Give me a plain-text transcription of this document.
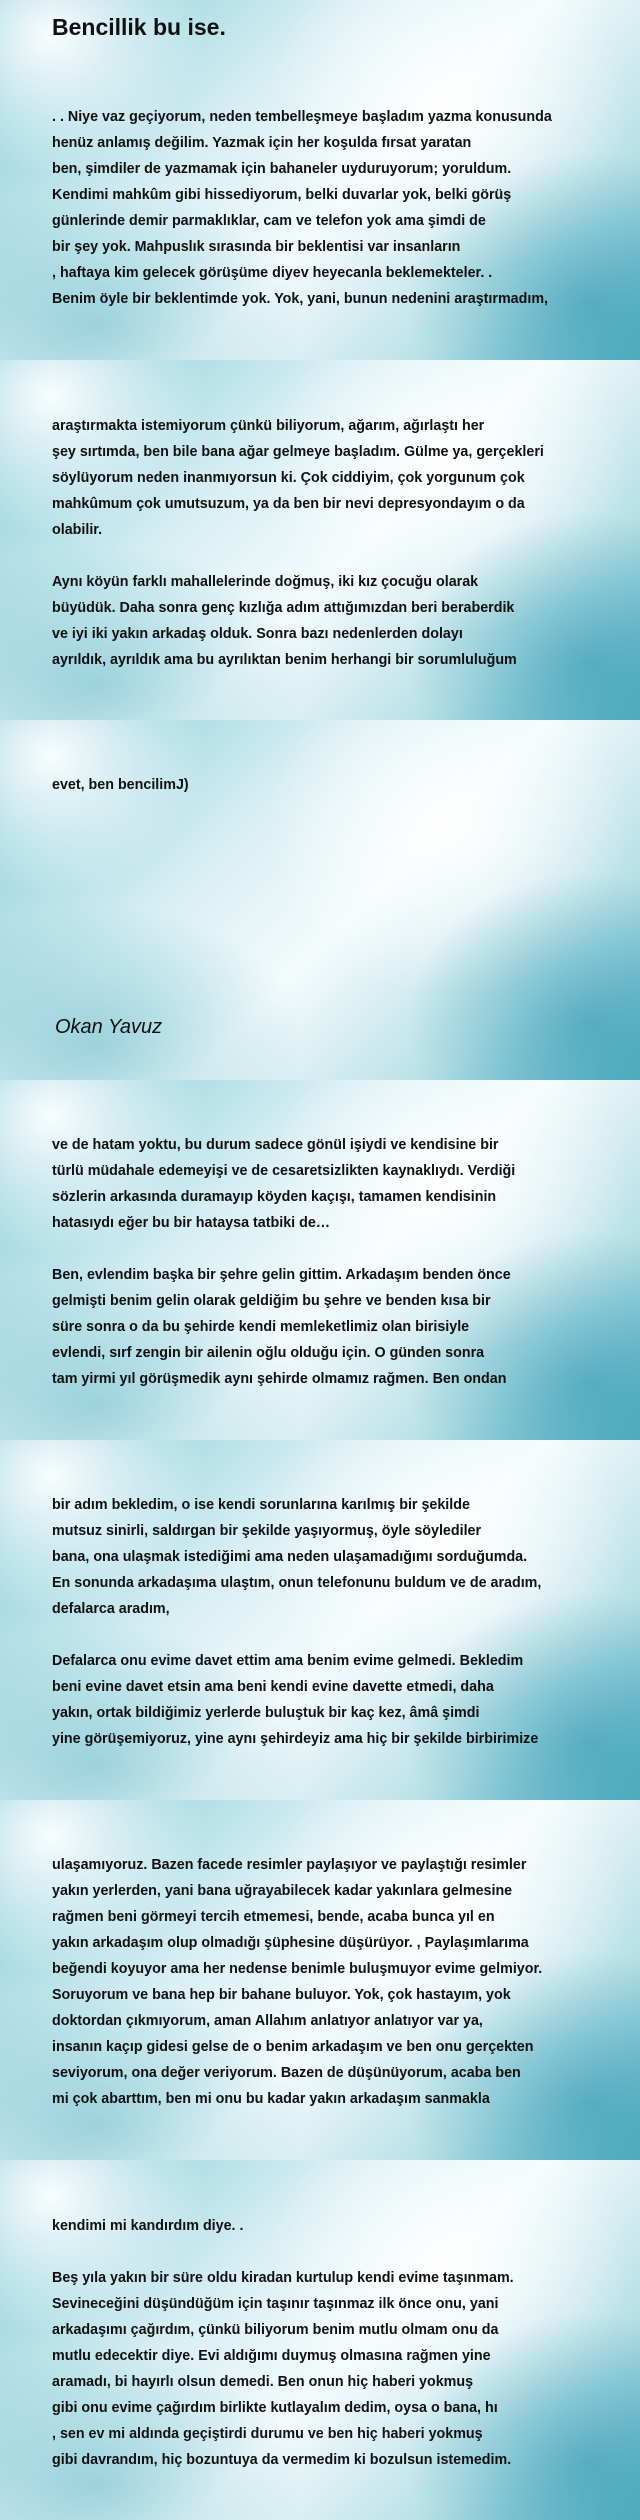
Bencillik bu ise.

. . Niye vaz geçiyorum, neden tembelleşmeye başladım yazma konusunda
henüz anlamış değilim. Yazmak için her koşulda fırsat yaratan
ben, şimdiler de yazmamak için bahaneler uyduruyorum; yoruldum.
Kendimi mahkûm gibi hissediyorum, belki duvarlar yok, belki görüş
günlerinde demir parmaklıklar, cam ve telefon yok ama şimdi de
bir şey yok. Mahpuslık sırasında bir beklentisi var insanların
, haftaya kim gelecek görüşüme diyev heyecanla beklemekteler. .
Benim öyle bir beklentimde yok. Yok, yani, bunun nedenini araştırmadım,

araştırmakta istemiyorum çünkü biliyorum, ağarım, ağırlaştı her
şey sırtımda, ben bile bana ağar gelmeye başladım. Gülme ya, gerçekleri
söylüyorum neden inanmıyorsun ki. Çok ciddiyim, çok yorgunum çok
mahkûmum çok umutsuzum, ya da ben bir nevi depresyondayım o da
olabilir.

Aynı köyün farklı mahallelerinde doğmuş, iki kız çocuğu olarak
büyüdük. Daha sonra genç kızlığa adım attığımızdan beri beraberdik
ve iyi iki yakın arkadaş olduk. Sonra bazı nedenlerden dolayı
ayrıldık, ayrıldık ama bu ayrılıktan benim herhangi bir sorumluluğum

evet, ben bencilimJ)

Okan Yavuz

ve de hatam yoktu, bu durum sadece gönül işiydi ve kendisine bir
türlü müdahale edemeyişi ve de cesaretsizlikten kaynaklıydı. Verdiği
sözlerin arkasında duramayıp köyden kaçışı, tamamen kendisinin
hatasıydı eğer bu bir hataysa tatbiki de…

Ben, evlendim başka bir şehre gelin gittim. Arkadaşım benden önce
gelmişti benim gelin olarak geldiğim bu şehre ve benden kısa bir
süre sonra o da bu şehirde kendi memleketlimiz olan birisiyle
evlendi, sırf zengin bir ailenin oğlu olduğu için. O günden sonra
tam yirmi yıl görüşmedik aynı şehirde olmamız rağmen. Ben ondan

bir adım bekledim, o ise kendi sorunlarına karılmış bir şekilde
mutsuz sinirli, saldırgan bir şekilde yaşıyormuş, öyle söylediler
bana, ona ulaşmak istediğimi ama neden ulaşamadığımı sorduğumda.
En sonunda arkadaşıma ulaştım, onun telefonunu buldum ve de aradım,
defalarca aradım,

Defalarca onu evime davet ettim ama benim evime gelmedi. Bekledim
beni evine davet etsin ama beni kendi evine davette etmedi, daha
yakın, ortak bildiğimiz yerlerde buluştuk bir kaç kez, âmâ şimdi
yine görüşemiyoruz, yine aynı şehirdeyiz ama hiç bir şekilde birbirimize

ulaşamıyoruz. Bazen facede resimler paylaşıyor ve paylaştığı resimler
yakın yerlerden, yani bana uğrayabilecek kadar yakınlara gelmesine
rağmen beni görmeyi tercih etmemesi, bende, acaba bunca yıl en
yakın arkadaşım olup olmadığı şüphesine düşürüyor. , Paylaşımlarıma
beğendi koyuyor ama her nedense benimle buluşmuyor evime gelmiyor.
Soruyorum ve bana hep bir bahane buluyor. Yok, çok hastayım, yok
doktordan çıkmıyorum, aman Allahım anlatıyor anlatıyor var ya,
insanın kaçıp gidesi gelse de o benim arkadaşım ve ben onu gerçekten
seviyorum, ona değer veriyorum. Bazen de düşünüyorum, acaba ben
mi çok abarttım, ben mi onu bu kadar yakın arkadaşım sanmakla

kendimi mi kandırdım diye. .

Beş yıla yakın bir süre oldu kiradan kurtulup kendi evime taşınmam.
Sevineceğini düşündüğüm için taşınır taşınmaz ilk önce onu, yani
arkadaşımı çağırdım, çünkü biliyorum benim mutlu olmam onu da
mutlu edecektir diye. Evi aldığımı duymuş olmasına rağmen yine
aramadı, bi hayırlı olsun demedi. Ben onun hiç haberi yokmuş
gibi onu evime çağırdım birlikte kutlayalım dedim, oysa o bana, hı
, sen ev mi aldında geçiştirdi durumu ve ben hiç haberi yokmuş
gibi davrandım, hiç bozuntuya da vermedim ki bozulsun istemedim.
